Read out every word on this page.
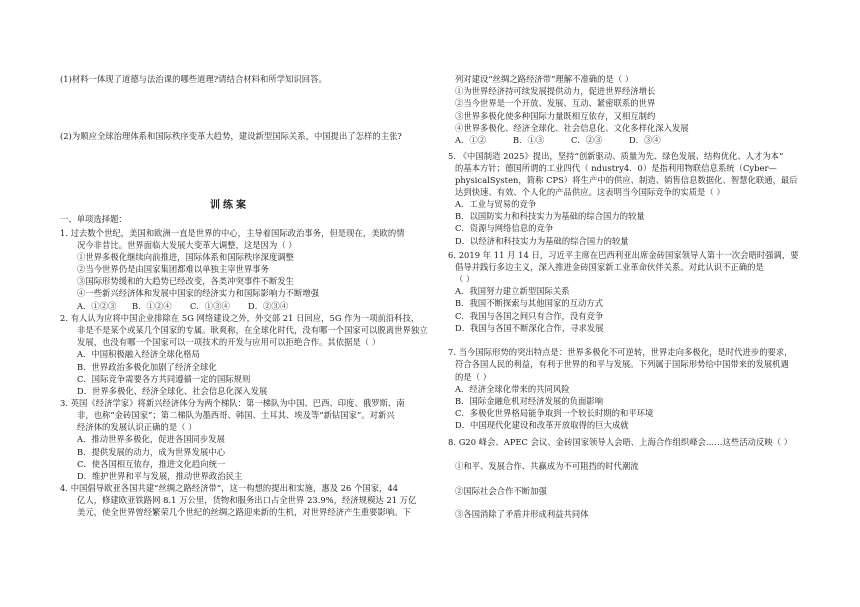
(1)材料一体现了道德与法治课的哪些道理?请结合材料和所学知识回答。
(2)为顺应全球治理体系和国际秩序变革大趋势，建设新型国际关系，中国提出了怎样的主张?
训练案
一、单项选择题：
1. 过去数个世纪，美国和欧洲一直是世界的中心，主导着国际政治事务，但是现在，美欧的情
况今非昔比。世界面临大发展大变革大调整，这是因为（ ）
①世界多极化继续向前推进，国际体系和国际秩序深度调整
②当今世界仍是由国家集团都难以单独主宰世界事务
③国际形势缓和的大趋势已经改变，各类冲突事件不断发生
④一些新兴经济体和发展中国家的经济实力和国际影响力不断增强
A．①②③	B．①②④	C．①③④	D．②③④
2. 有人认为应将中国企业排除在 5G 网络建设之外，外交部 21 日回应，5G 作为一项前沿科技，
非是不是某个或某几个国家的专属。耿爽称，在全球化时代，没有哪一个国家可以脱离世界独立
发展，也没有哪一个国家可以一项技术的开发与应用可以拒绝合作。其依据是（ ）
A．中国积极融入经济全球化格局
B．世界政治多极化加剧了经济全球化
C．国际竞争需要各方共同遵循一定的国际规则
D．世界多极化、经济全球化、社会信息化深入发展
3. 英国《经济学家》将新兴经济体分为两个梯队：第一梯队为中国、巴西、印度、俄罗斯、南
非，也称“金砖国家”；第二梯队为墨西哥、韩国、土耳其、埃及等“新钻国家”。对新兴
经济体的发展认识正确的是（ ）
A．推动世界多极化，促进各国同步发展
B．提供发展的动力，成为世界发展中心
C．使各国相互依存，推进文化趋向统一
D．维护世界和平与发展，推动世界政治民主
4. 中国倡导欧亚各国共建“丝绸之路经济带”，这一构想的提出和实施，惠及 26 个国家，44
亿人，修建欧亚铁路网 8.1 万公里，货物和服务出口占全世界 23.9%，经济规模达 21 万亿
美元，使全世界曾经繁荣几个世纪的丝绸之路迎来新的生机，对世界经济产生重要影响。下
列对建设“丝绸之路经济带”理解不准确的是（ ）
①为世界经济持可续发展提供动力，促进世界经济增长
②当今世界是一个开放、发展、互动、紧密联系的世界
③世界多极化使多种国际力量既相互依存，又相互制约
④世界多极化、经济全球化、社会信息化、文化多样化深入发展
A．①②	B．①③	C．②③	D．③④
5. 《中国制造 2025》提出，坚持“创新驱动、质量为先、绿色发展、结构优化、人才为本”
的基本方针；德国所谓的工业四代（ ndustry4．0）是指利用物联信息系统（Cyber—
physicalSysten，简称 CPS）将生产中的供应、制造、销售信息数据化、智慧化联通，最后
达到快速、有效、个人化的产品供应。这表明当今国际竞争的实质是（ ）
A．工业与贸易的竞争
B．以国防实力和科技实力为基础的综合国力的较量
C．资源与网络信息的竞争
D．以经济和科技实力为基础的综合国力的较量
6. 2019 年 11 月 14 日，习近平主席在巴西利亚出席金砖国家领导人第十一次会晤时强调，要
倡导并践行多边主义，深入推进金砖国家新工业革命伙伴关系。对此认识不正确的是
（ ）
A．我国努力建立新型国际关系
B．我国不断探索与其他国家的互动方式
C．我国与各国之间只有合作，没有竞争
D．我国与各国不断深化合作，寻求发展
7. 当今国际形势的突出特点是：世界多极化不可逆转，世界走向多极化，是时代进步的要求，
符合各国人民的利益，有利于世界的和平与发展。下列属于国际形势给中国带来的发展机遇
的是（ ）
A．经济全球化带来的共同风险
B．国际金融危机对经济发展的负面影响
C．多极化世界格局能争取到一个较长时期的和平环境
D．中国现代化建设和改革开放取得的巨大成就
8. G20 峰会、APEC 会议、金砖国家领导人会晤、上海合作组织峰会……这些活动反映（ ）
①和平、发展合作、共赢成为不可阻挡的时代潮流
②国际社会合作不断加强
③各国消除了矛盾并形成利益共同体
